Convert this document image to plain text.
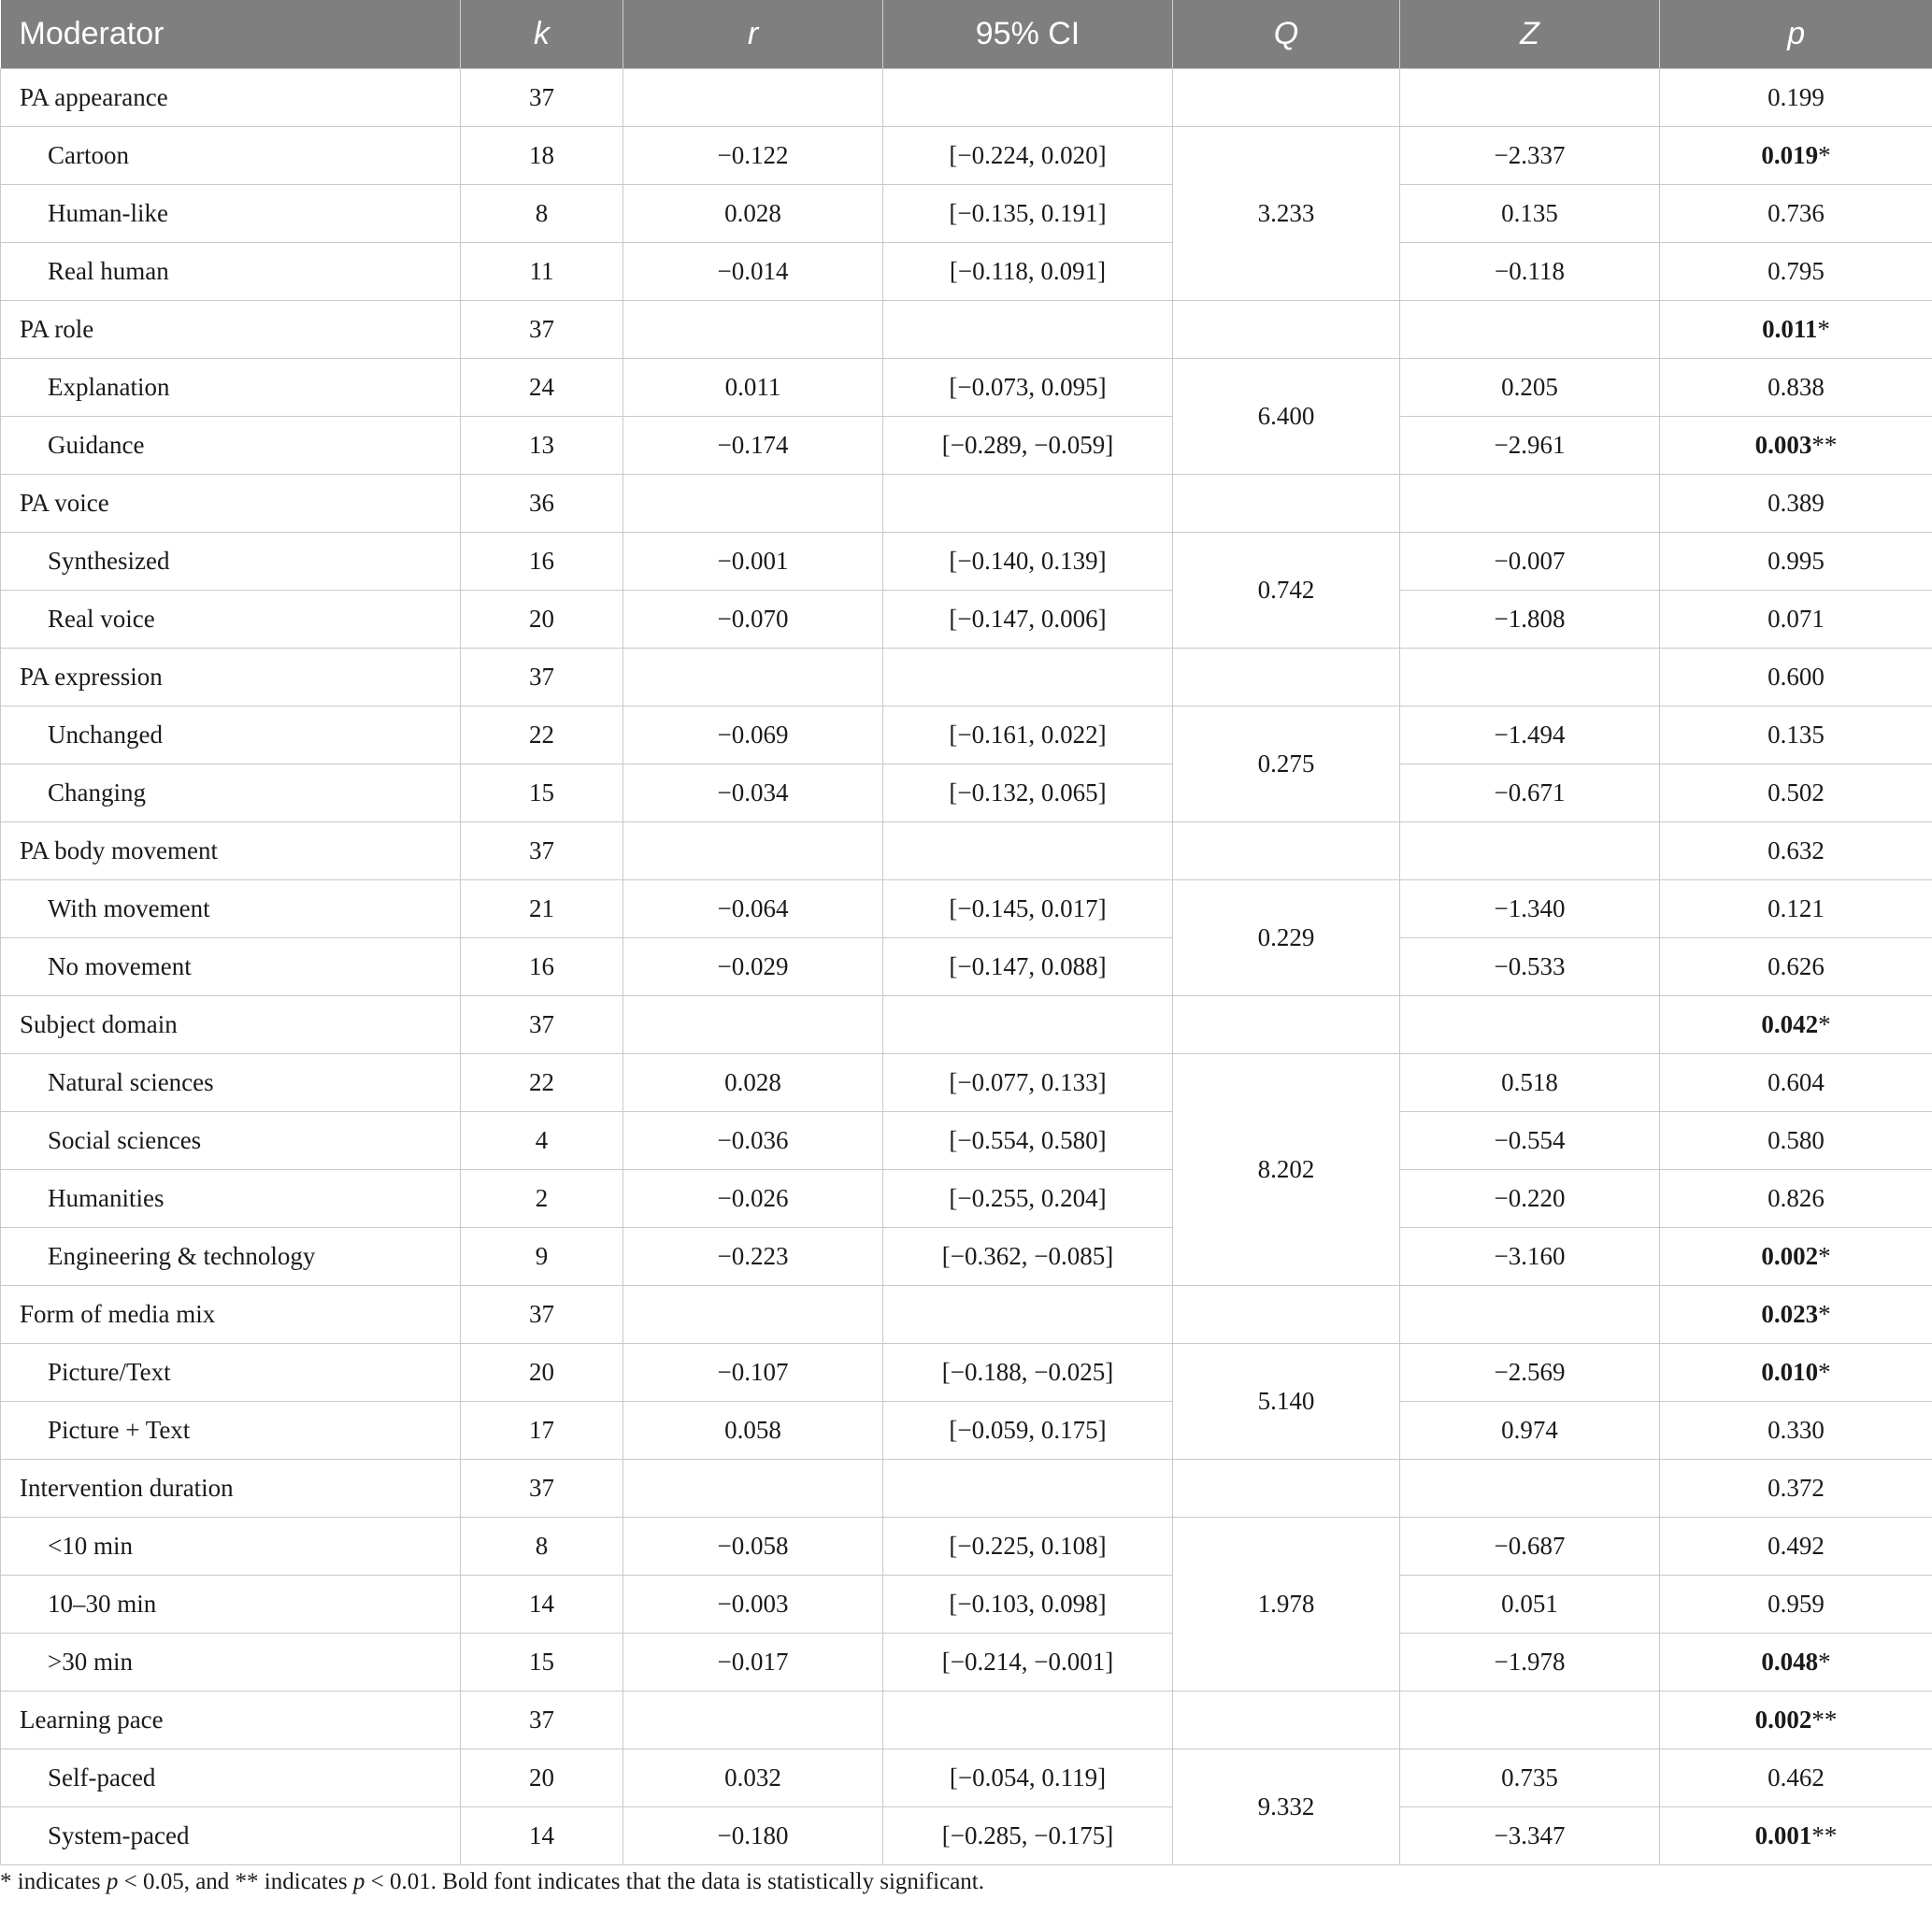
Moderator	k	r	95% CI	Q	Z	p
PA appearance	37					0.199
Cartoon	18	−0.122	[−0.224, 0.020]	3.233	−2.337	0.019*
Human-like	8	0.028	[−0.135, 0.191]		0.135	0.736
Real human	11	−0.014	[−0.118, 0.091]		−0.118	0.795
PA role	37					0.011*
Explanation	24	0.011	[−0.073, 0.095]	6.400	0.205	0.838
Guidance	13	−0.174	[−0.289, −0.059]		−2.961	0.003**
PA voice	36					0.389
Synthesized	16	−0.001	[−0.140, 0.139]	0.742	−0.007	0.995
Real voice	20	−0.070	[−0.147, 0.006]		−1.808	0.071
PA expression	37					0.600
Unchanged	22	−0.069	[−0.161, 0.022]	0.275	−1.494	0.135
Changing	15	−0.034	[−0.132, 0.065]		−0.671	0.502
PA body movement	37					0.632
With movement	21	−0.064	[−0.145, 0.017]	0.229	−1.340	0.121
No movement	16	−0.029	[−0.147, 0.088]		−0.533	0.626
Subject domain	37					0.042*
Natural sciences	22	0.028	[−0.077, 0.133]	8.202	0.518	0.604
Social sciences	4	−0.036	[−0.554, 0.580]		−0.554	0.580
Humanities	2	−0.026	[−0.255, 0.204]		−0.220	0.826
Engineering & technology	9	−0.223	[−0.362, −0.085]		−3.160	0.002*
Form of media mix	37					0.023*
Picture/Text	20	−0.107	[−0.188, −0.025]	5.140	−2.569	0.010*
Picture + Text	17	0.058	[−0.059, 0.175]		0.974	0.330
Intervention duration	37					0.372
<10 min	8	−0.058	[−0.225, 0.108]	1.978	−0.687	0.492
10–30 min	14	−0.003	[−0.103, 0.098]		0.051	0.959
>30 min	15	−0.017	[−0.214, −0.001]		−1.978	0.048*
Learning pace	37					0.002**
Self-paced	20	0.032	[−0.054, 0.119]	9.332	0.735	0.462
System-paced	14	−0.180	[−0.285, −0.175]		−3.347	0.001**
* indicates p < 0.05, and ** indicates p < 0.01. Bold font indicates that the data is statistically significant.
